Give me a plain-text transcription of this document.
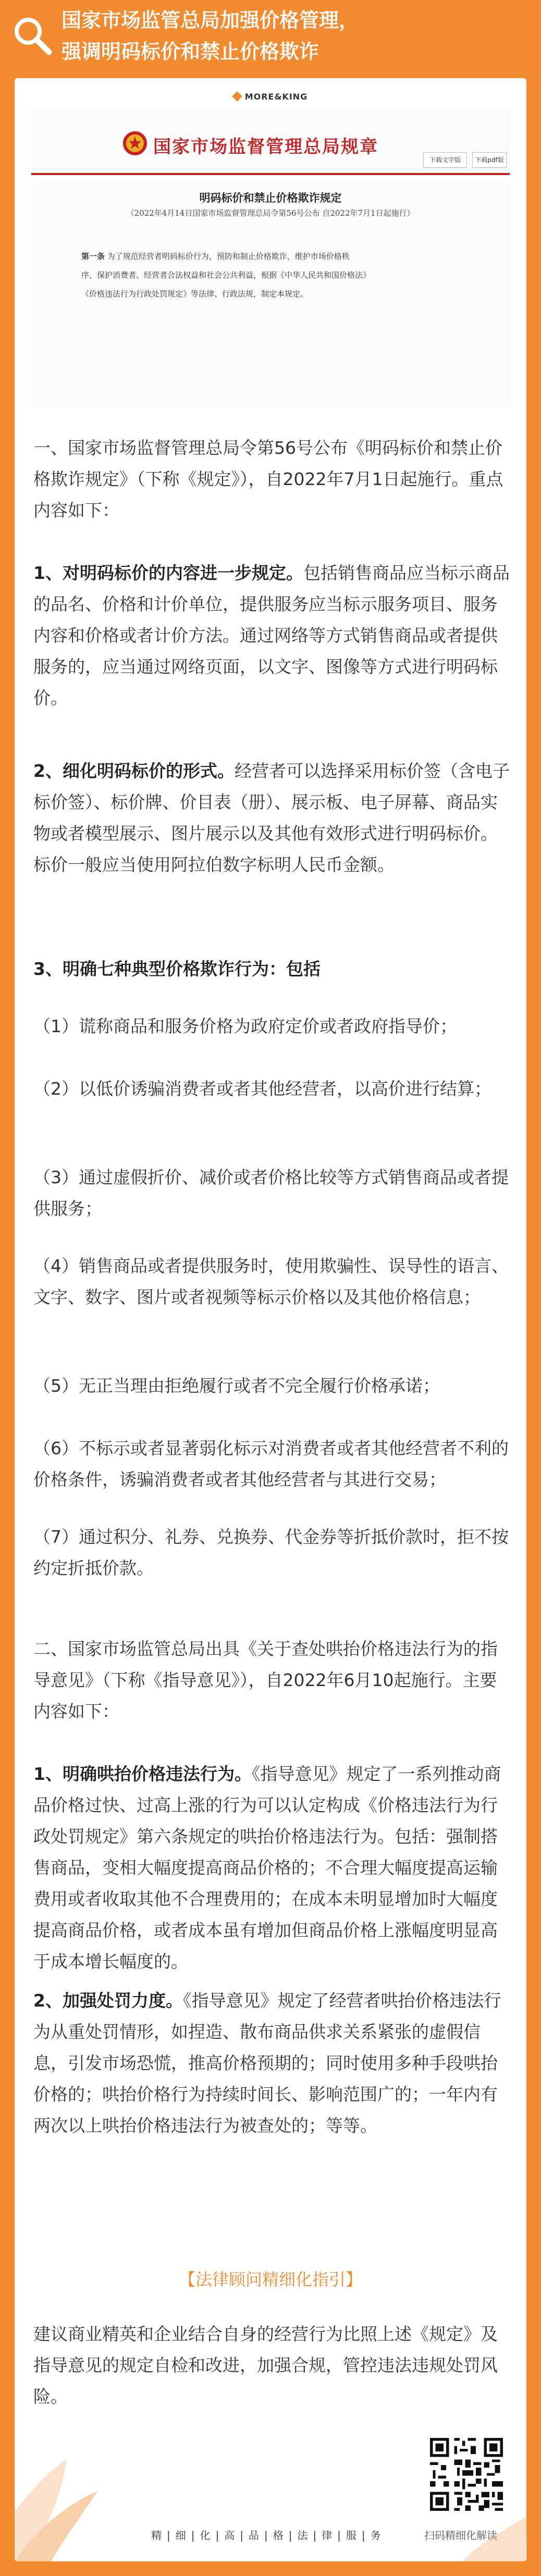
国家市场监管总局加强价格管理，
强调明码标价和禁止价格欺诈
MORE&KING
国家市场监督管理总局规章
下载文字版	下载pdf版
明码标价和禁止价格欺诈规定
（2022年4月14日国家市场监督管理总局令第56号公布 自2022年7月1日起施行）
第一条 为了规范经营者明码标价行为，预防和制止价格欺诈，维护市场价格秩
序，保护消费者、经营者合法权益和社会公共利益，根据《中华人民共和国价格法》
《价格违法行为行政处罚规定》等法律、行政法规，制定本规定。

一、国家市场监督管理总局令第56号公布《明码标价和禁止价格欺诈规定》（下称《规定》），自2022年7月1日起施行。重点内容如下：

1、对明码标价的内容进一步规定。包括销售商品应当标示商品的品名、价格和计价单位，提供服务应当标示服务项目、服务内容和价格或者计价方法。通过网络等方式销售商品或者提供服务的，应当通过网络页面，以文字、图像等方式进行明码标价。

2、细化明码标价的形式。经营者可以选择采用标价签（含电子标价签）、标价牌、价目表（册）、展示板、电子屏幕、商品实物或者模型展示、图片展示以及其他有效形式进行明码标价。标价一般应当使用阿拉伯数字标明人民币金额。

3、明确七种典型价格欺诈行为：包括

（1）谎称商品和服务价格为政府定价或者政府指导价；

（2）以低价诱骗消费者或者其他经营者，以高价进行结算；

（3）通过虚假折价、减价或者价格比较等方式销售商品或者提供服务；

（4）销售商品或者提供服务时，使用欺骗性、误导性的语言、文字、数字、图片或者视频等标示价格以及其他价格信息；

（5）无正当理由拒绝履行或者不完全履行价格承诺；

（6）不标示或者显著弱化标示对消费者或者其他经营者不利的价格条件，诱骗消费者或者其他经营者与其进行交易；

（7）通过积分、礼券、兑换券、代金券等折抵价款时，拒不按约定折抵价款。

二、国家市场监管总局出具《关于查处哄抬价格违法行为的指导意见》（下称《指导意见》），自2022年6月10起施行。主要内容如下：

1、明确哄抬价格违法行为。《指导意见》规定了一系列推动商品价格过快、过高上涨的行为可以认定构成《价格违法行为行政处罚规定》第六条规定的哄抬价格违法行为。包括：强制搭售商品，变相大幅度提高商品价格的；不合理大幅度提高运输费用或者收取其他不合理费用的；在成本未明显增加时大幅度提高商品价格，或者成本虽有增加但商品价格上涨幅度明显高于成本增长幅度的。

2、加强处罚力度。《指导意见》规定了经营者哄抬价格违法行为从重处罚情形，如捏造、散布商品供求关系紧张的虚假信息，引发市场恐慌，推高价格预期的；同时使用多种手段哄抬价格的；哄抬价格行为持续时间长、影响范围广的；一年内有两次以上哄抬价格违法行为被查处的；等等。

【法律顾问精细化指引】

建议商业精英和企业结合自身的经营行为比照上述《规定》及指导意见的规定自检和改进，加强合规，管控违法违规处罚风险。

精|细|化|高|品|格|法|律|服|务	扫码精细化解读
